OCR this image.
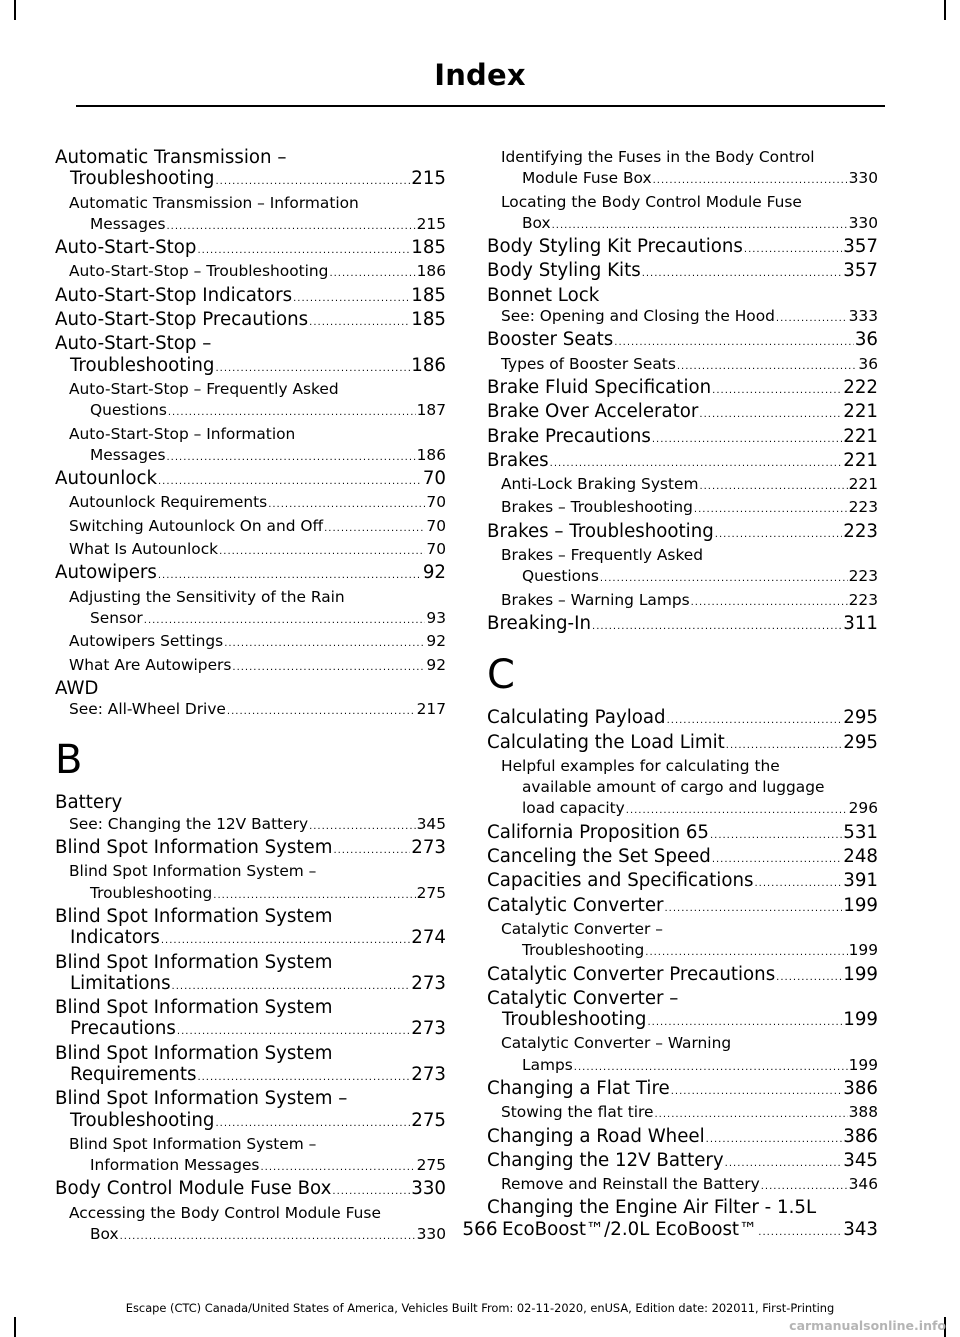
Index
Automatic Transmission –
Troubleshooting .....	215
Automatic Transmission – Information
Messages .....	215
Auto-Start-Stop .....	185
Auto-Start-Stop – Troubleshooting .....	186
Auto-Start-Stop Indicators .....	185
Auto-Start-Stop Precautions .....	185
Auto-Start-Stop –
Troubleshooting .....	186
Auto-Start-Stop – Frequently Asked
Questions .....	187
Auto-Start-Stop – Information
Messages .....	186
Autounlock .....	70
Autounlock Requirements .....	70
Switching Autounlock On and Off .....	70
What Is Autounlock .....	70
Autowipers .....	92
Adjusting the Sensitivity of the Rain
Sensor .....	93
Autowipers Settings .....	92
What Are Autowipers .....	92
AWD
See: All-Wheel Drive .....	217
B
Battery
See: Changing the 12V Battery .....	345
Blind Spot Information System .....	273
Blind Spot Information System –
Troubleshooting .....	275
Blind Spot Information System
Indicators .....	274
Blind Spot Information System
Limitations .....	273
Blind Spot Information System
Precautions .....	273
Blind Spot Information System
Requirements .....	273
Blind Spot Information System –
Troubleshooting .....	275
Blind Spot Information System –
Information Messages .....	275
Body Control Module Fuse Box .....	330
Accessing the Body Control Module Fuse
Box .....	330
Identifying the Fuses in the Body Control
Module Fuse Box .....	330
Locating the Body Control Module Fuse
Box .....	330
Body Styling Kit Precautions .....	357
Body Styling Kits .....	357
Bonnet Lock
See: Opening and Closing the Hood .....	333
Booster Seats .....	36
Types of Booster Seats .....	36
Brake Fluid Specification .....	222
Brake Over Accelerator .....	221
Brake Precautions .....	221
Brakes .....	221
Anti-Lock Braking System .....	221
Brakes – Troubleshooting .....	223
Brakes – Troubleshooting .....	223
Brakes – Frequently Asked
Questions .....	223
Brakes – Warning Lamps .....	223
Breaking-In .....	311
C
Calculating Payload .....	295
Calculating the Load Limit .....	295
Helpful examples for calculating the
available amount of cargo and luggage
load capacity .....	296
California Proposition 65 .....	531
Canceling the Set Speed .....	248
Capacities and Specifications .....	391
Catalytic Converter .....	199
Catalytic Converter –
Troubleshooting .....	199
Catalytic Converter Precautions .....	199
Catalytic Converter –
Troubleshooting .....	199
Catalytic Converter – Warning
Lamps .....	199
Changing a Flat Tire .....	386
Stowing the flat tire .....	388
Changing a Road Wheel .....	386
Changing the 12V Battery .....	345
Remove and Reinstall the Battery .....	346
Changing the Engine Air Filter - 1.5L
EcoBoost™/2.0L EcoBoost™ .....	343
566
Escape (CTC) Canada/United States of America, Vehicles Built From: 02-11-2020, enUSA, Edition date: 202011, First-Printing
carmanualsonline.info
